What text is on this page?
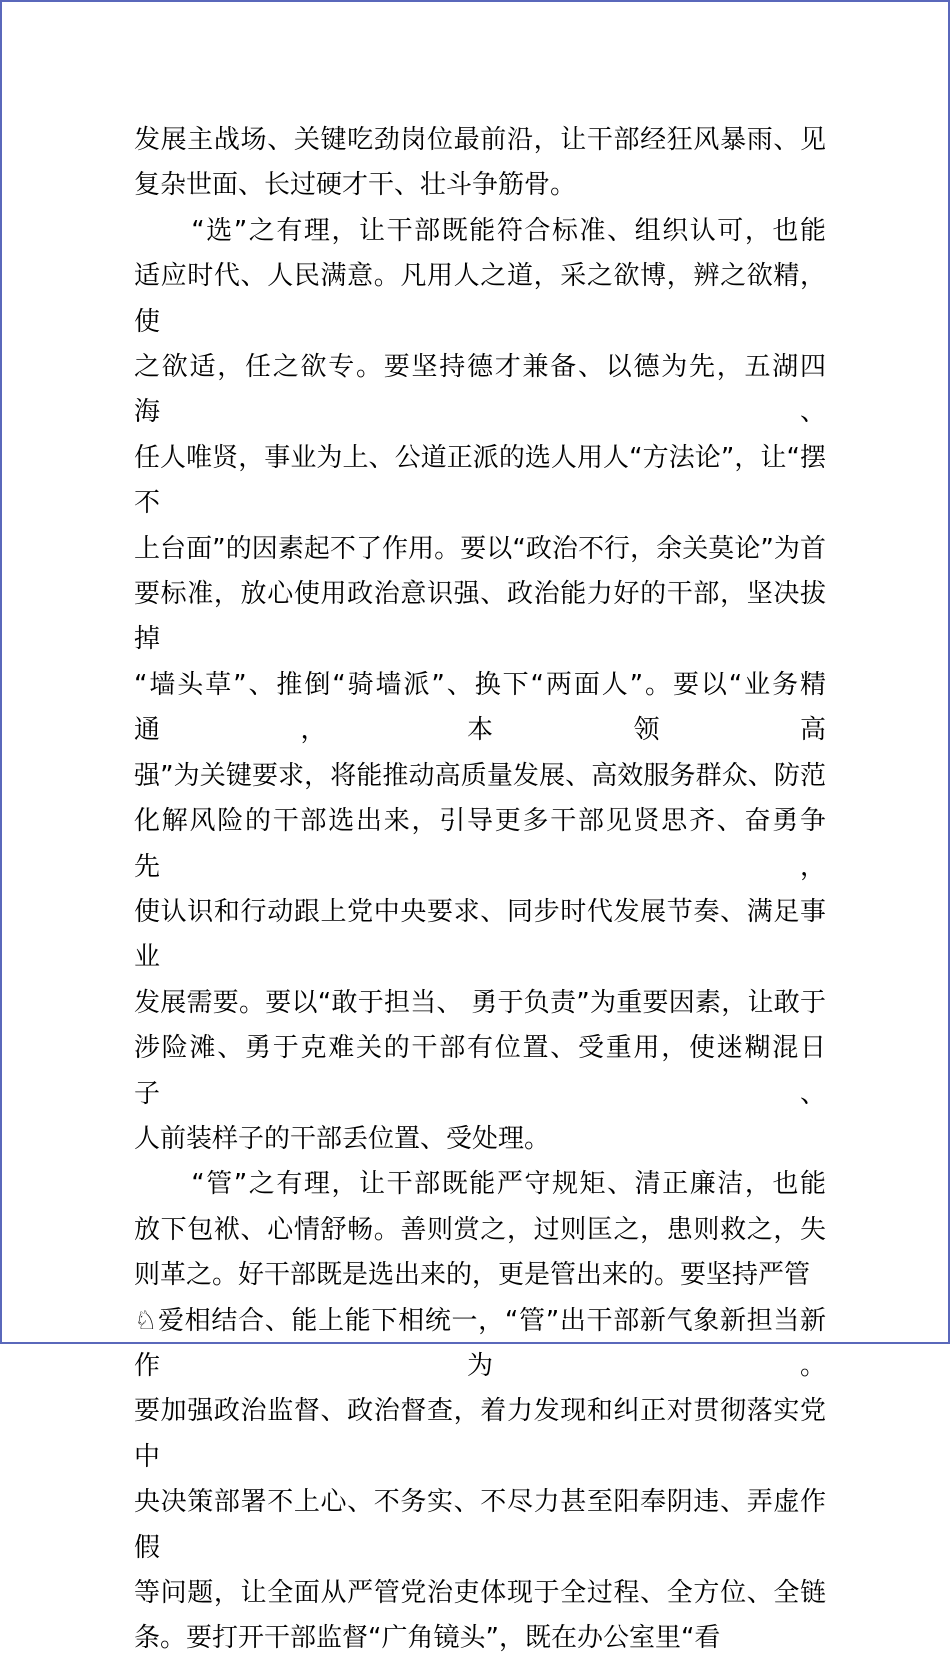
发展主战场、关键吃劲岗位最前沿，让干部经狂风暴雨、见
复杂世面、长过硬才干、壮斗争筋骨。
“选”之有理，让干部既能符合标准、组织认可，也能
适应时代、人民满意。凡用人之道，采之欲博，辨之欲精，使
之欲适，任之欲专。要坚持德才兼备、以德为先，五湖四海、
任人唯贤，事业为上、公道正派的选人用人“方法论”，让“摆不
上台面”的因素起不了作用。要以“政治不行，余关莫论”为首
要标准，放心使用政治意识强、政治能力好的干部，坚决拔掉
“墙头草”、推倒“骑墙派”、换下“两面人”。要以“业务精通，本领高
强”为关键要求，将能推动高质量发展、高效服务群众、防范
化解风险的干部选出来，引导更多干部见贤思齐、奋勇争先，
使认识和行动跟上党中央要求、同步时代发展节奏、满足事业
发展需要。要以“敢于担当、 勇于负责”为重要因素，让敢于
涉险滩、勇于克难关的干部有位置、受重用，使迷糊混日子、
人前装样子的干部丢位置、受处理。
“管”之有理，让干部既能严守规矩、清正廉洁，也能
放下包袱、心情舒畅。善则赏之，过则匡之，患则救之，失
则革之。好干部既是选出来的，更是管出来的。要坚持严管
♘爱相结合、能上能下相统一，“管”出干部新气象新担当新作为。
要加强政治监督、政治督查，着力发现和纠正对贯彻落实党中
央决策部署不上心、不务实、不尽力甚至阳奉阴违、弄虚作假
等问题，让全面从严管党治吏体现于全过程、全方位、全链
条。要打开干部监督“广角镜头”，既在办公室里“看
